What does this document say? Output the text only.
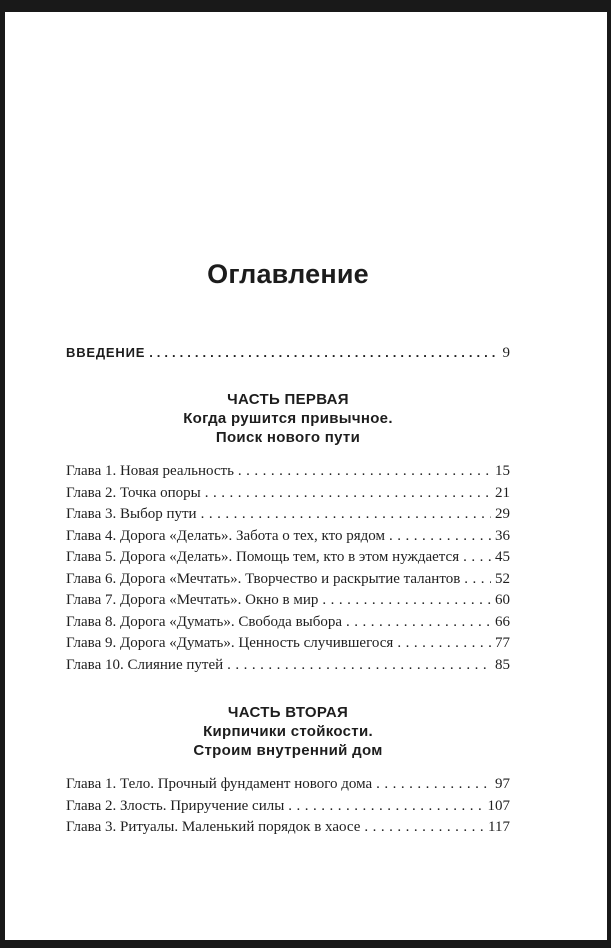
Оглавление
ВВЕДЕНИЕ .....	9
ЧАСТЬ ПЕРВАЯ
Когда рушится привычное.
Поиск нового пути
Глава 1. Новая реальность .....	15
Глава 2. Точка опоры .....	21
Глава 3. Выбор пути .....	29
Глава 4. Дорога «Делать». Забота о тех, кто рядом .....	36
Глава 5. Дорога «Делать». Помощь тем, кто в этом нуждается ..... 45
Глава 6. Дорога «Мечтать». Творчество и раскрытие талантов ..... 52
Глава 7. Дорога «Мечтать». Окно в мир .....	60
Глава 8. Дорога «Думать». Свобода выбора .....	66
Глава 9. Дорога «Думать». Ценность случившегося .....	77
Глава 10. Слияние путей .....	85
ЧАСТЬ ВТОРАЯ
Кирпичики стойкости.
Строим внутренний дом
Глава 1. Тело. Прочный фундамент нового дома .....	97
Глава 2. Злость. Приручение силы .....	107
Глава 3. Ритуалы. Маленький порядок в хаосе .....	117
